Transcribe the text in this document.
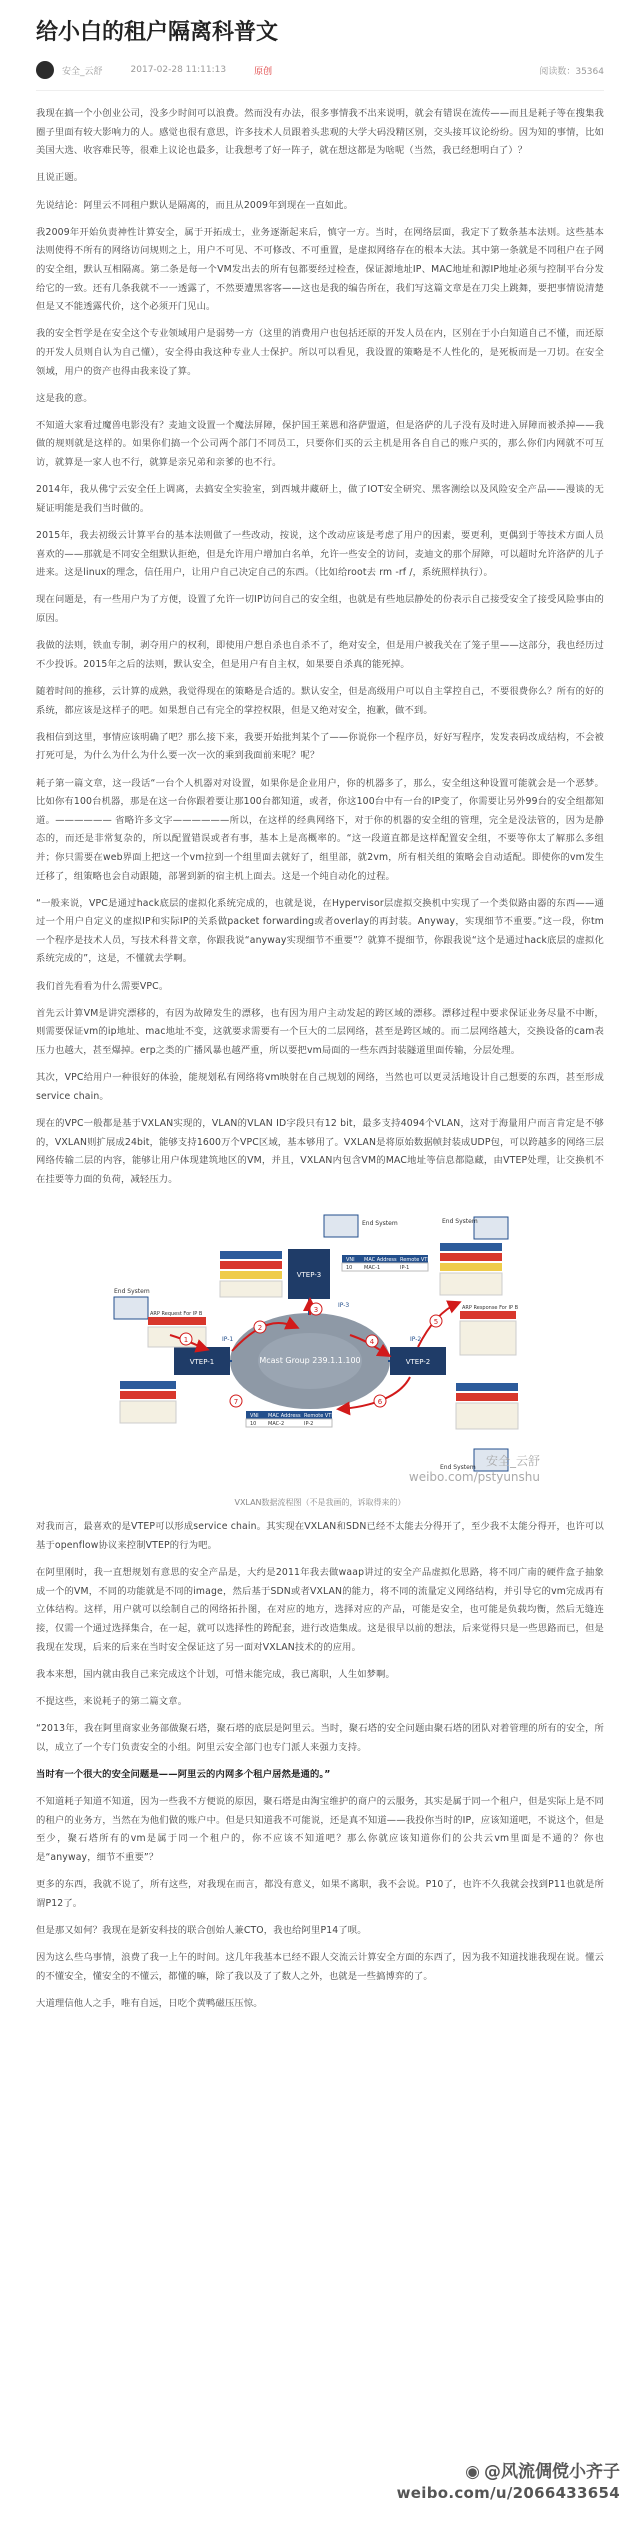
给小白的租户隔离科普文
安全_云舒	2017-02-28 11:11:13	原创	阅读数：35364

我现在搞一个小创业公司，没多少时间可以浪费。然而没有办法，很多事情我不出来说明，就会有错误在流传——而且是耗子等在搜集我圈子里面有较大影响力的人。感觉也很有意思，许多技术人员跟着头悲观的大学大码没精区别，交头接耳议论纷纷。因为知的事情，比如美国大选、收容难民等，很难上议论也最多，让我想考了好一阵子，就在想这都是为啥呢（当然，我已经想明白了）？

且说正题。

先说结论：阿里云不同租户默认是隔离的，而且从2009年到现在一直如此。

我2009年开始负责神性计算安全，属于开拓成士，业务逐渐起来后，慎守一方。当时，在网络层面，我定下了数条基本法则。这些基本法则使得不所有的网络访问规则之上，用户不可见、不可修改、不可重置，是虚拟网络存在的根本大法。其中第一条就是不同租户在子网的安全组，默认互相隔离。第二条是每一个VM发出去的所有包都要经过检查，保证源地址IP、MAC地址和源IP地址必须与控制平台分发给它的一致。还有几条我就不一一透露了，不然要遭黑客客——这也是我的编告所在，我们写这篇文章是在刀尖上跳舞，要把事情说清楚但是又不能透露代价，这个必须开门见山。

我的安全哲学是在安全这个专业领域用户是弱势一方（这里的消费用户也包括还原的开发人员在内，区别在于小白知道自己不懂，而还原的开发人员则自认为自己懂），安全得由我这种专业人士保护。所以可以看见，我设置的策略是不人性化的，是死板而是一刀切。在安全领域，用户的资产也得由我来设了算。

这是我的意。

不知道大家看过魔兽电影没有？麦迪文设置一个魔法屏障，保护国王莱恩和洛萨盟道，但是洛萨的儿子没有及时进入屏障而被杀掉——我做的规则就是这样的。如果你们搞一个公司两个部门不同员工，只要你们买的云主机是用各自自己的账户买的，那么你们内网就不可互访，就算是一家人也不行，就算是亲兄弟和亲爹的也不行。

2014年，我从佛宁云安全任上调离，去搞安全实验室，到西城井藏研上，做了IOT安全研究、黑客测绘以及风险安全产品——漫谈的无疑证明能是我们当时做的。

2015年，我去初级云计算平台的基本法则做了一些改动，按说，这个改动应该是考虑了用户的因素，要更利，更偶到于等技术方面人员喜欢的——那就是不同安全组默认拒绝，但是允许用户增加白名单，允许一些安全的访问，麦迪文的那个屏障，可以超时允许洛萨的儿子进来。这是linux的理念，信任用户，让用户自己决定自己的东西。（比如给root去 rm -rf /，系统照样执行）。

现在问题是，有一些用户为了方便，设置了允许一切IP访问自己的安全组，也就是有些地层静处的份表示自己接受安全了接受风险事由的原因。

我做的法则，铁血专制，剥夺用户的权利，即使用户想自杀也自杀不了，绝对安全，但是用户被我关在了笼子里——这部分，我也经历过不少投诉。2015年之后的法则，默认安全，但是用户有自主权，如果要自杀真的能死掉。

随着时间的推移，云计算的成熟，我觉得现在的策略是合适的。默认安全，但是高级用户可以自主掌控自己，不要很费你么？所有的好的系统，都应该是这样子的吧。如果想自己有完全的掌控权限，但是又绝对安全，抱歉，做不到。

我相信到这里，事情应该明确了吧？那么接下来，我要开始批判某个了——你说你一个程序员，好好写程序，发发表码改成结构，不会被打死可是，为什么为什么为什么要一次一次的乘到我面前来呢？呢？

耗子第一篇文章，这一段话“一台个人机器对对设置，如果你是企业用户，你的机器多了，那么，安全组这种设置可能就会是一个恶梦。比如你有100台机器，那是在这一台你跟着要让那100台都知道，或者，你这100台中有一台的IP变了，你需要让另外99台的安全组都知道。—————— 省略许多文字——————所以，在这样的经典网络下，对于你的机器的安全组的管理，完全是没法管的，因为是静态的，而还是非常复杂的，所以配置错误或者有事，基本上是高概率的。“这一段道直都是这样配置安全组，不要等你太了解那么多组并；你只需要在web界面上把这一个vm拉到一个组里面去就好了，组里部，就2vm，所有相关组的策略会自动适配。即使你的vm发生迁移了，组策略也会自动跟随，部署到新的宿主机上面去。这是一个纯自动化的过程。

“一般来说，VPC是通过hack底层的虚拟化系统完成的，也就是说，在Hypervisor层虚拟交换机中实现了一个类似路由器的东西——通过一个用户自定义的虚拟IP和实际IP的关系做packet forwarding或者overlay的再封装。Anyway，实现细节不重要。”这一段，你tm一个程序是技术人员，写技术科普文章，你跟我说“anyway实现细节不重要”？就算不提细节，你跟我说“这个是通过hack底层的虚拟化系统完成的”，这是，不懂就去学啊。

我们首先看看为什么需要VPC。

首先云计算VM是讲究漂移的，有因为故障发生的漂移，也有因为用户主动发起的跨区域的漂移。漂移过程中要求保证业务尽量不中断，则需要保证vm的ip地址、mac地址不变，这就要求需要有一个巨大的二层网络，甚至是跨区域的。而二层网络越大，交换设备的cam表压力也越大，甚至爆掉。erp之类的广播风暴也越严重，所以要把vm局面的一些东西封装隧道里面传输，分层处理。

其次，VPC给用户一种很好的体验，能规划私有网络将vm映射在自己规划的网络，当然也可以更灵活地设计自己想要的东西，甚至形成service chain。

现在的VPC一般都是基于VXLAN实现的，VLAN的VLAN ID字段只有12 bit，最多支持4094个VLAN，这对于海量用户而言肯定是不够的，VXLAN则扩展成24bit，能够支持1600万个VPC区域，基本够用了。VXLAN是将原始数据帧封装成UDP包，可以跨越多的网络三层网络传输二层的内容，能够让用户体现建筑地区的VM，并且，VXLAN内包含VM的MAC地址等信息都隐藏，由VTEP处理，让交换机不在挂要等力面的负荷，减轻压力。

Mcast Group 239.1.1.100
VTEP-3
IP-3
VTEP-1
IP-1
VTEP-2
IP-2
End System	End System
End System
End System
ARP Request For IP B
ARP Response For IP B
VNI MAC Address Remote VTEP
10 MAC-1	IP-1
VNI MAC Address Remote VTEP
10 MAC-2	IP-2
1
2
3
4
5
6
7
安全_云舒
weibo.com/pstyunshu
VXLAN数据流程图（不是我画的，诉取得来的）

对我而言，最喜欢的是VTEP可以形成service chain。其实现在VXLAN和SDN已经不太能去分得开了，至少我不太能分得开，也许可以基于openflow协议来控制VTEP的行为吧。

在阿里刚时，我一直想规划有意思的安全产品是，大约是2011年我去做waap讲过的安全产品虚拟化思路，将不同广南的硬件盒子抽象成一个的VM，不同的功能就是不同的image，然后基于SDN或者VXLAN的能力，将不同的流量定义网络结构，并引导它的vm完成再有立体结构。这样，用户就可以绘制自己的网络拓扑图，在对应的地方，选择对应的产品，可能是安全，也可能是负载均衡，然后无缝连接，仅需一个通过选择集合，在一起，就可以选择性的跨配套，进行改造集成。这是很早以前的想法，后来觉得只是一些思路而已，但是我现在发现，后来的后来在当时安全保证这了另一面对VXLAN技术的的应用。

我本来想，国内就由我自己来完成这个计划，可惜未能完成，我已离职，人生如梦啊。

不提这些，来说耗子的第二篇文章。

“2013年，我在阿里商家业务部做聚石塔，聚石塔的底层是阿里云。当时，聚石塔的安全问题由聚石塔的团队对着管理的所有的安全，所以，成立了一个专门负责安全的小组。阿里云安全部门也专门派人来强力支持。

当时有一个很大的安全问题是——阿里云的内网多个租户居然是通的。”

不知道耗子知道不知道，因为一些我不方便说的原因，聚石塔是由淘宝维护的商户的云服务，其实是属于同一个租户，但是实际上是不同的租户的业务方，当然在为他们做的账户中。但是只知道我不可能说，还是真不知道——我投你当时的IP，应该知道吧，不说这个，但是至少，聚石塔所有的vm是属于同一个租户的，你不应该不知道吧？那么你就应该知道你们的公共云vm里面是不通的？你也是“anyway，细节不重要”？

更多的东西，我就不说了，所有这些，对我现在而言，都没有意义，如果不离职，我不会说。P10了，也许不久我就会找到P11也就是所谓P12了。

但是那又如何？我现在是新安科技的联合创始人兼CTO，我也给阿里P14了呗。

因为这么些乌事情，浪费了我一上午的时间。这几年我基本已经不跟人交流云计算安全方面的东西了，因为我不知道找谁我现在说。懂云的不懂安全，懂安全的不懂云，都懂的嘛，除了我以及了了数人之外，也就是一些搞博弈的了。

大道理信他人之手，唯有自远，日吃个黄鸭磁压压惊。

◉ @风流倜傥小齐子
weibo.com/u/2066433654
